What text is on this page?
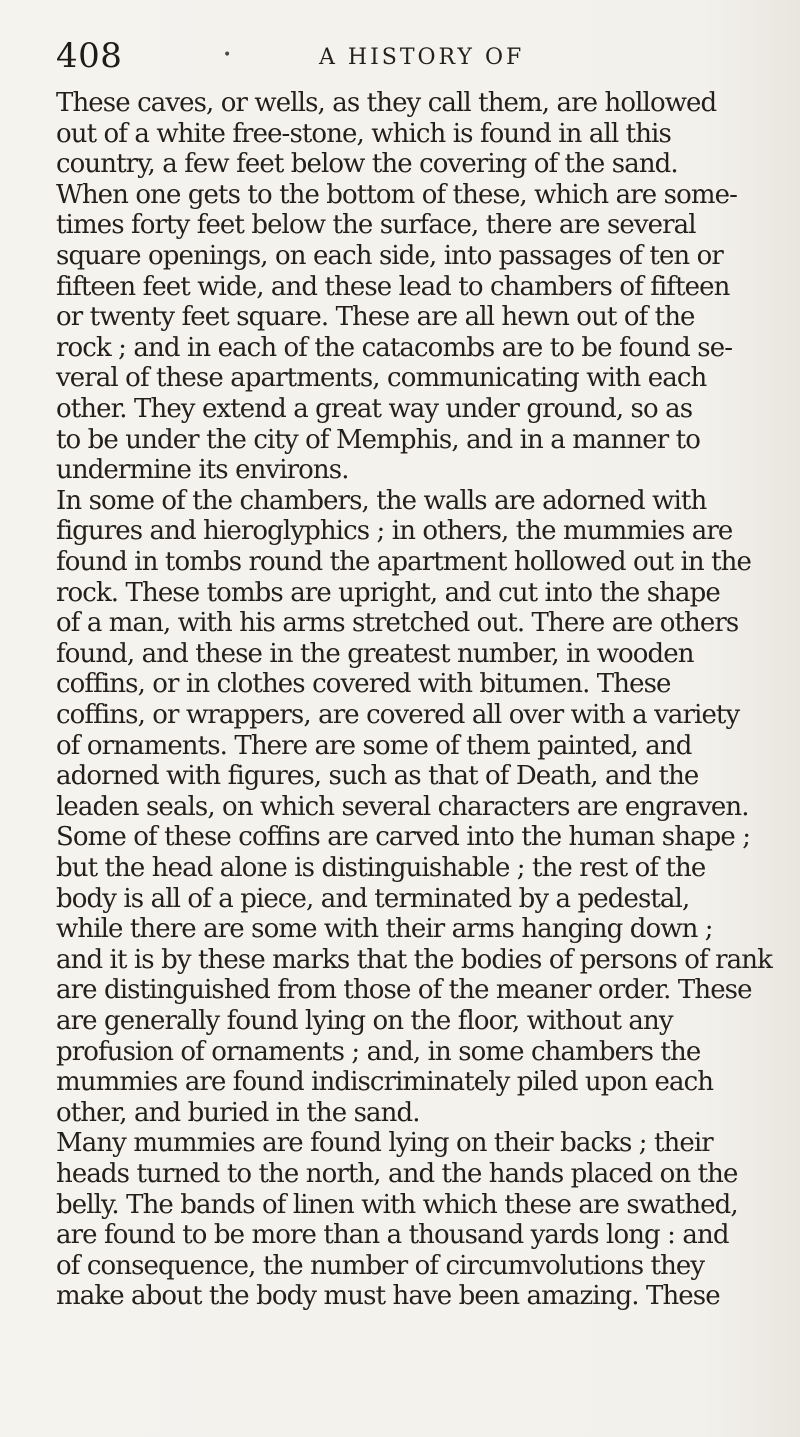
408	•	A HISTORY OF
These caves, or wells, as they call them, are hollowed
out of a white free-stone, which is found in all this
country, a few feet below the covering of the sand.
When one gets to the bottom of these, which are some-
times forty feet below the surface, there are several
square openings, on each side, into passages of ten or
fifteen feet wide, and these lead to chambers of fifteen
or twenty feet square. These are all hewn out of the
rock ; and in each of the catacombs are to be found se-
veral of these apartments, communicating with each
other. They extend a great way under ground, so as
to be under the city of Memphis, and in a manner to
undermine its environs.
In some of the chambers, the walls are adorned with
figures and hieroglyphics ; in others, the mummies are
found in tombs round the apartment hollowed out in the
rock. These tombs are upright, and cut into the shape
of a man, with his arms stretched out. There are others
found, and these in the greatest number, in wooden
coffins, or in clothes covered with bitumen. These
coffins, or wrappers, are covered all over with a variety
of ornaments. There are some of them painted, and
adorned with figures, such as that of Death, and the
leaden seals, on which several characters are engraven.
Some of these coffins are carved into the human shape ;
but the head alone is distinguishable ; the rest of the
body is all of a piece, and terminated by a pedestal,
while there are some with their arms hanging down ;
and it is by these marks that the bodies of persons of rank
are distinguished from those of the meaner order. These
are generally found lying on the floor, without any
profusion of ornaments ; and, in some chambers the
mummies are found indiscriminately piled upon each
other, and buried in the sand.
Many mummies are found lying on their backs ; their
heads turned to the north, and the hands placed on the
belly. The bands of linen with which these are swathed,
are found to be more than a thousand yards long : and
of consequence, the number of circumvolutions they
make about the body must have been amazing. These
